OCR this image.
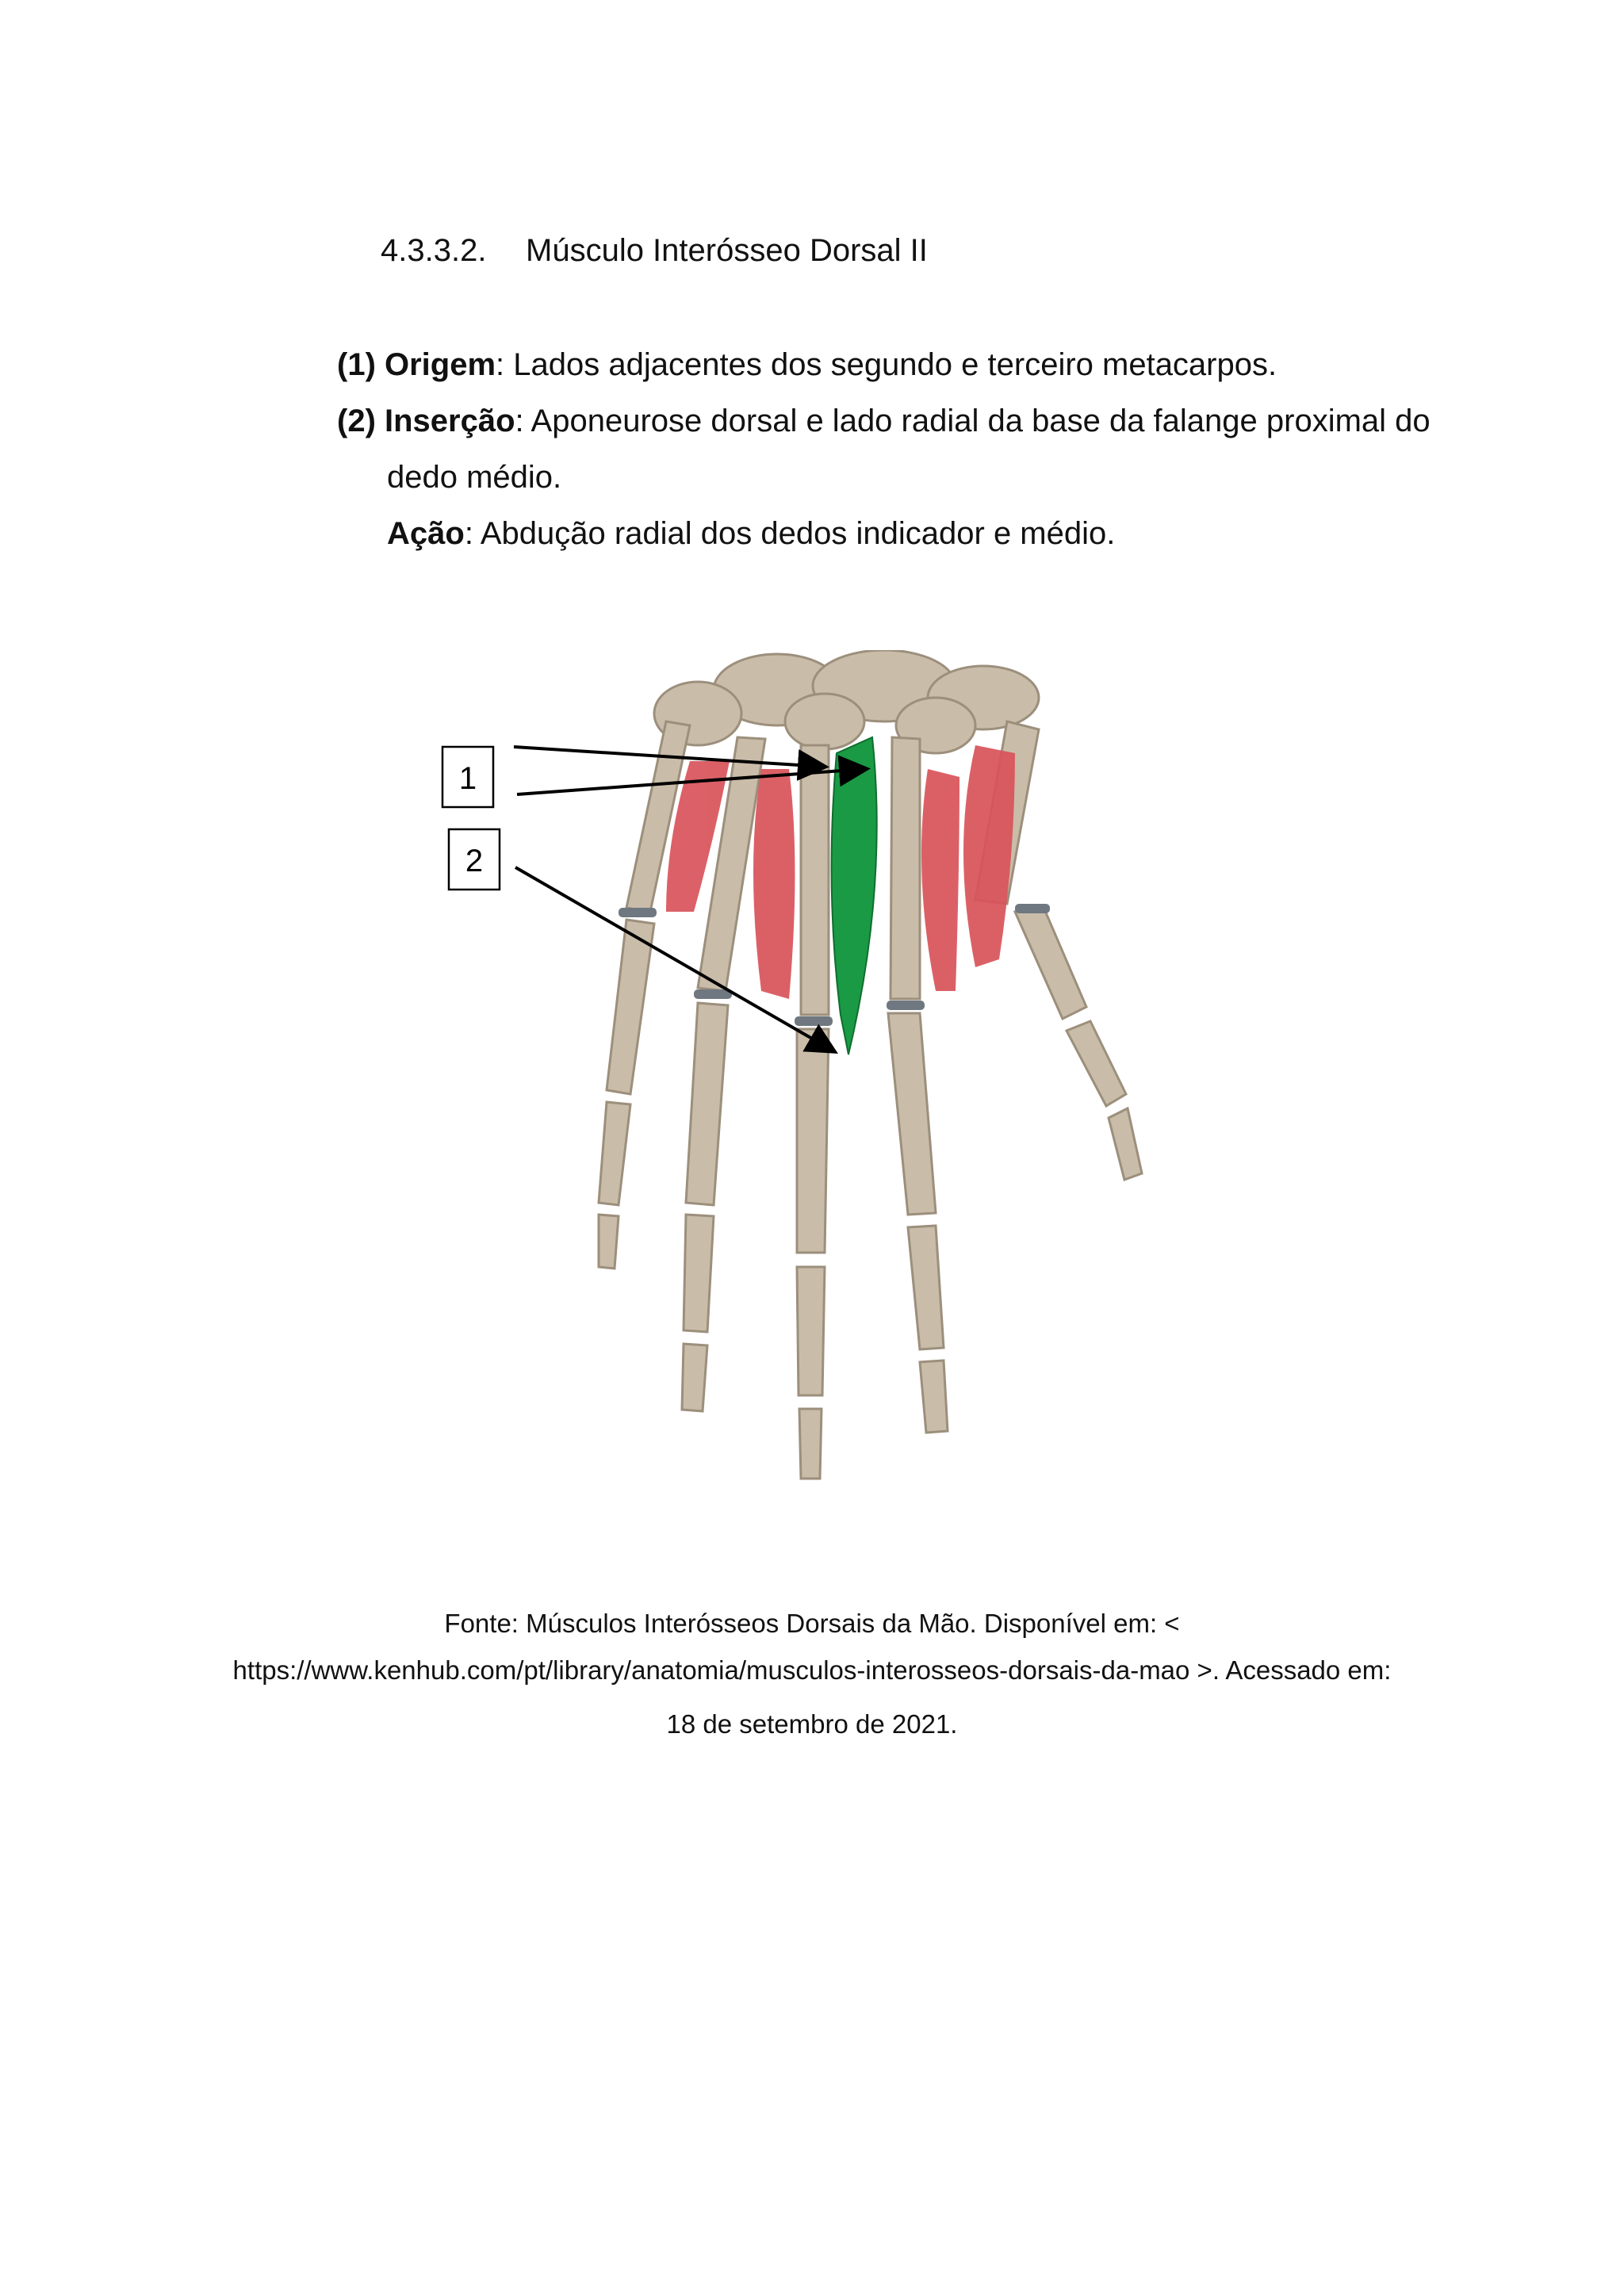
4.3.3.2. Músculo Interósseo Dorsal II
(1) Origem: Lados adjacentes dos segundo e terceiro metacarpos.
(2) Inserção: Aponeurose dorsal e lado radial da base da falange proximal do
dedo médio.
Ação: Abdução radial dos dedos indicador e médio.
1
2
Fonte: Músculos Interósseos Dorsais da Mão. Disponível em: <
https://www.kenhub.com/pt/library/anatomia/musculos-interosseos-dorsais-da-mao >. Acessado em:
18 de setembro de 2021.
